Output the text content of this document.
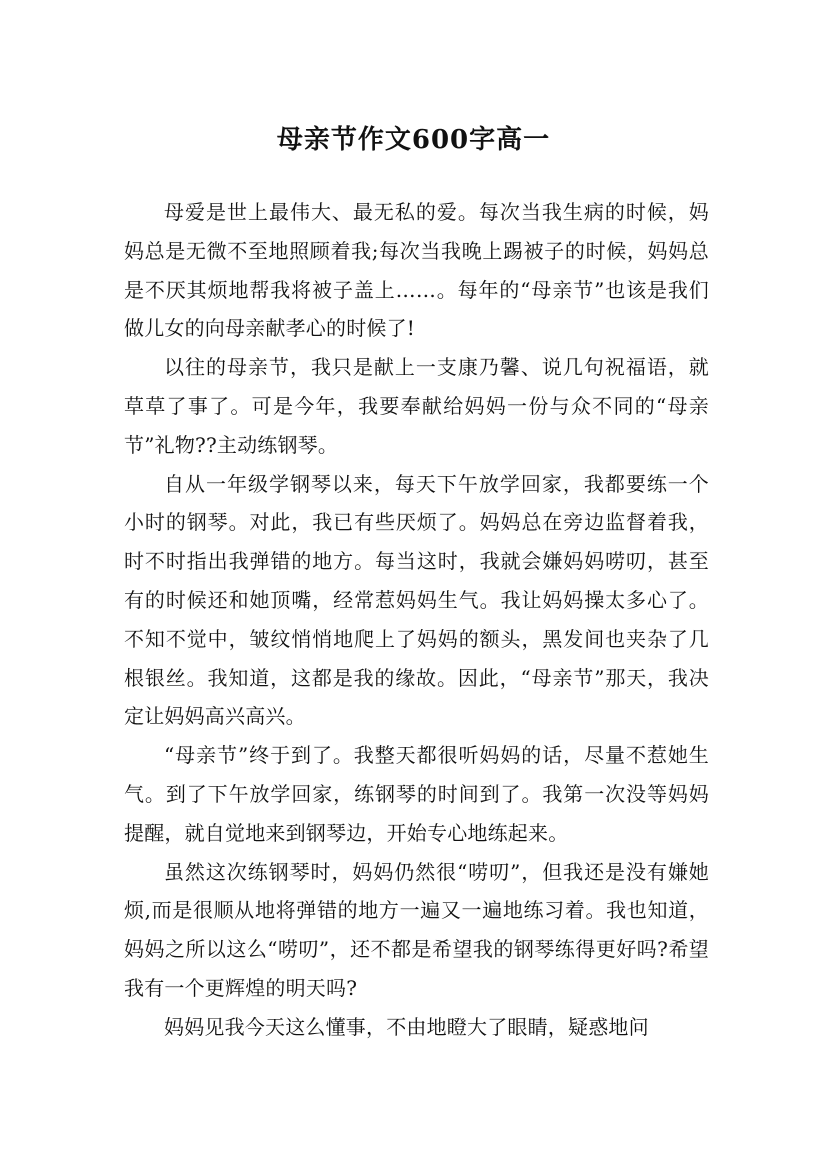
母亲节作文600字高一

母爱是世上最伟大、最无私的爱。每次当我生病的时候，妈妈总是无微不至地照顾着我;每次当我晚上踢被子的时候，妈妈总是不厌其烦地帮我将被子盖上……。每年的“母亲节”也该是我们做儿女的向母亲献孝心的时候了!

以往的母亲节，我只是献上一支康乃馨、说几句祝福语，就草草了事了。可是今年，我要奉献给妈妈一份与众不同的“母亲节”礼物??主动练钢琴。

自从一年级学钢琴以来，每天下午放学回家，我都要练一个小时的钢琴。对此，我已有些厌烦了。妈妈总在旁边监督着我，时不时指出我弹错的地方。每当这时，我就会嫌妈妈唠叨，甚至有的时候还和她顶嘴，经常惹妈妈生气。我让妈妈操太多心了。不知不觉中，皱纹悄悄地爬上了妈妈的额头，黑发间也夹杂了几根银丝。我知道，这都是我的缘故。因此，“母亲节”那天，我决定让妈妈高兴高兴。

“母亲节”终于到了。我整天都很听妈妈的话，尽量不惹她生气。到了下午放学回家，练钢琴的时间到了。我第一次没等妈妈提醒，就自觉地来到钢琴边，开始专心地练起来。

虽然这次练钢琴时，妈妈仍然很“唠叨”，但我还是没有嫌她烦,而是很顺从地将弹错的地方一遍又一遍地练习着。我也知道，妈妈之所以这么“唠叨”，还不都是希望我的钢琴练得更好吗?希望我有一个更辉煌的明天吗?

妈妈见我今天这么懂事，不由地瞪大了眼睛，疑惑地问
